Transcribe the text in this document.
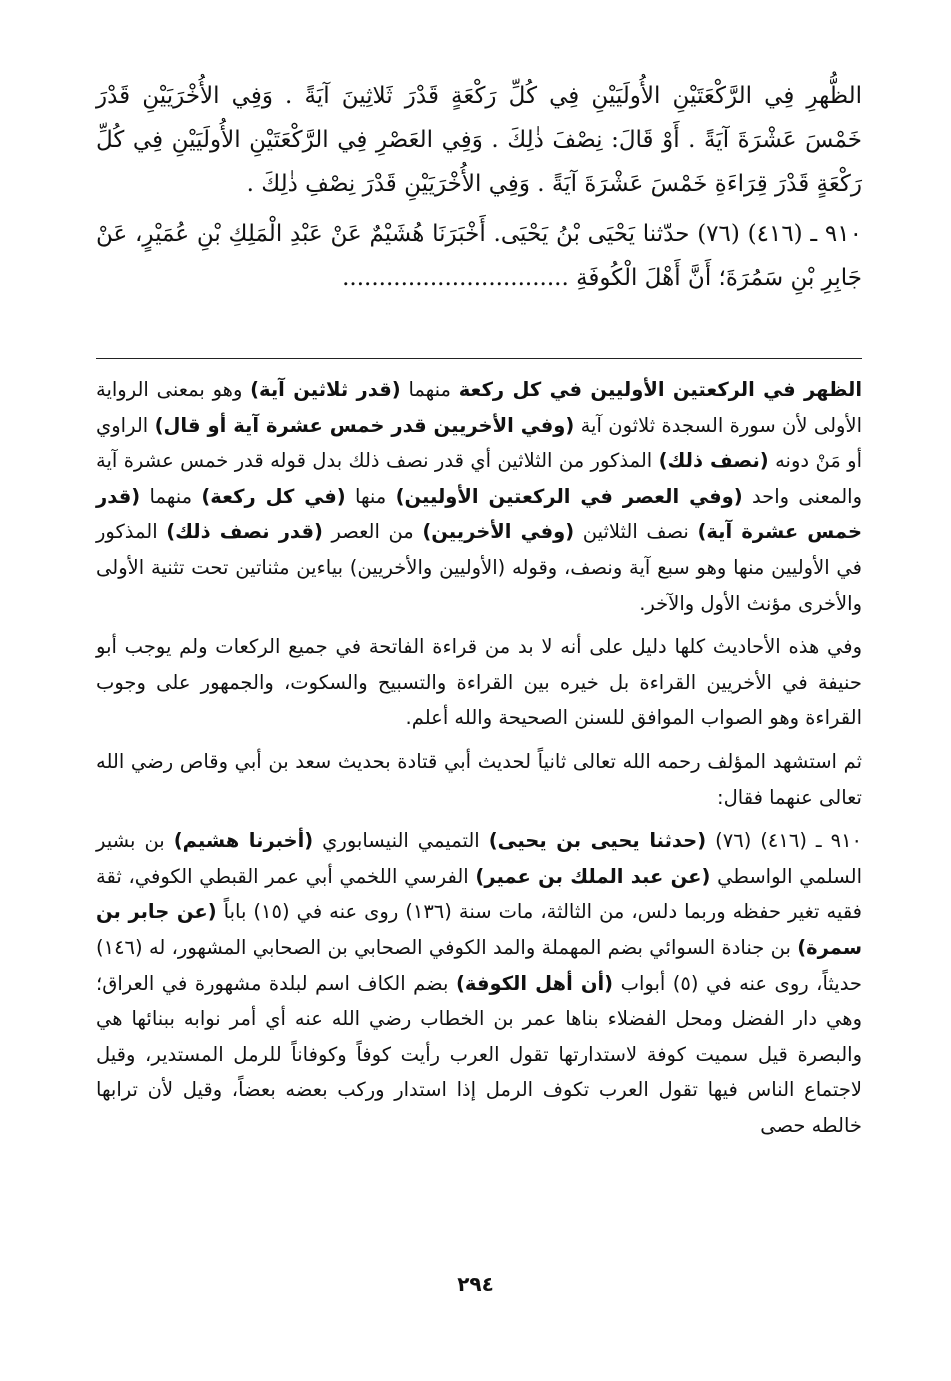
الظُّهرِ فِي الرَّكْعَتَيْنِ الأُولَيَيْنِ فِي كُلِّ رَكْعَةٍ قَدْرَ ثَلاثِينَ آيَةً . وَفِي الأُخْرَيَيْنِ قَدْرَ خَمْسَ عَشْرَةَ آيَةً . أَوْ قَالَ: نِصْفَ ذٰلِكَ . وَفِي العَصْرِ فِي الرَّكْعَتَيْنِ الأُولَيَيْنِ فِي كُلِّ رَكْعَةٍ قَدْرَ قِرَاءَةِ خَمْسَ عَشْرَةَ آيَةً . وَفِي الأُخْرَيَيْنِ قَدْرَ نِصْفِ ذٰلِكَ .

٩١٠ ـ (٤١٦) (٧٦) حدّثنا يَحْيَى بْنُ يَحْيَى. أَخْبَرَنَا هُشَيْمٌ عَنْ عَبْدِ الْمَلِكِ بْنِ عُمَيْرٍ، عَنْ جَابِرِ بْنِ سَمُرَةَ؛ أَنَّ أَهْلَ الْكُوفَةِ ...............................

الظهر في الركعتين الأوليين في كل ركعة منهما (قدر ثلاثين آية) وهو بمعنى الرواية الأولى لأن سورة السجدة ثلاثون آية (وفي الأخريين قدر خمس عشرة آية أو قال) الراوي أو مَنْ دونه (نصف ذلك) المذكور من الثلاثين أي قدر نصف ذلك بدل قوله قدر خمس عشرة آية والمعنى واحد (وفي العصر في الركعتين الأوليين) منها (في كل ركعة) منهما (قدر خمس عشرة آية) نصف الثلاثين (وفي الأخريين) من العصر (قدر نصف ذلك) المذكور في الأوليين منها وهو سبع آية ونصف، وقوله (الأوليين والأخريين) بياءين مثناتين تحت تثنية الأولى والأخرى مؤنث الأول والآخر.

وفي هذه الأحاديث كلها دليل على أنه لا بد من قراءة الفاتحة في جميع الركعات ولم يوجب أبو حنيفة في الأخريين القراءة بل خيره بين القراءة والتسبيح والسكوت، والجمهور على وجوب القراءة وهو الصواب الموافق للسنن الصحيحة والله أعلم.

ثم استشهد المؤلف رحمه الله تعالى ثانياً لحديث أبي قتادة بحديث سعد بن أبي وقاص رضي الله تعالى عنهما فقال:

٩١٠ ـ (٤١٦) (٧٦) (حدثنا يحيى بن يحيى) التميمي النيسابوري (أخبرنا هشيم) بن بشير السلمي الواسطي (عن عبد الملك بن عمير) الفرسي اللخمي أبي عمر القبطي الكوفي، ثقة فقيه تغير حفظه وربما دلس، من الثالثة، مات سنة (١٣٦) روى عنه في (١٥) باباً (عن جابر بن سمرة) بن جنادة السوائي بضم المهملة والمد الكوفي الصحابي بن الصحابي المشهور، له (١٤٦) حديثاً، روى عنه في (٥) أبواب (أن أهل الكوفة) بضم الكاف اسم لبلدة مشهورة في العراق؛ وهي دار الفضل ومحل الفضلاء بناها عمر بن الخطاب رضي الله عنه أي أمر نوابه ببنائها هي والبصرة قيل سميت كوفة لاستدارتها تقول العرب رأيت كوفاً وكوفاناً للرمل المستدير، وقيل لاجتماع الناس فيها تقول العرب تكوف الرمل إذا استدار وركب بعضه بعضاً، وقيل لأن ترابها خالطه حصى

٢٩٤
